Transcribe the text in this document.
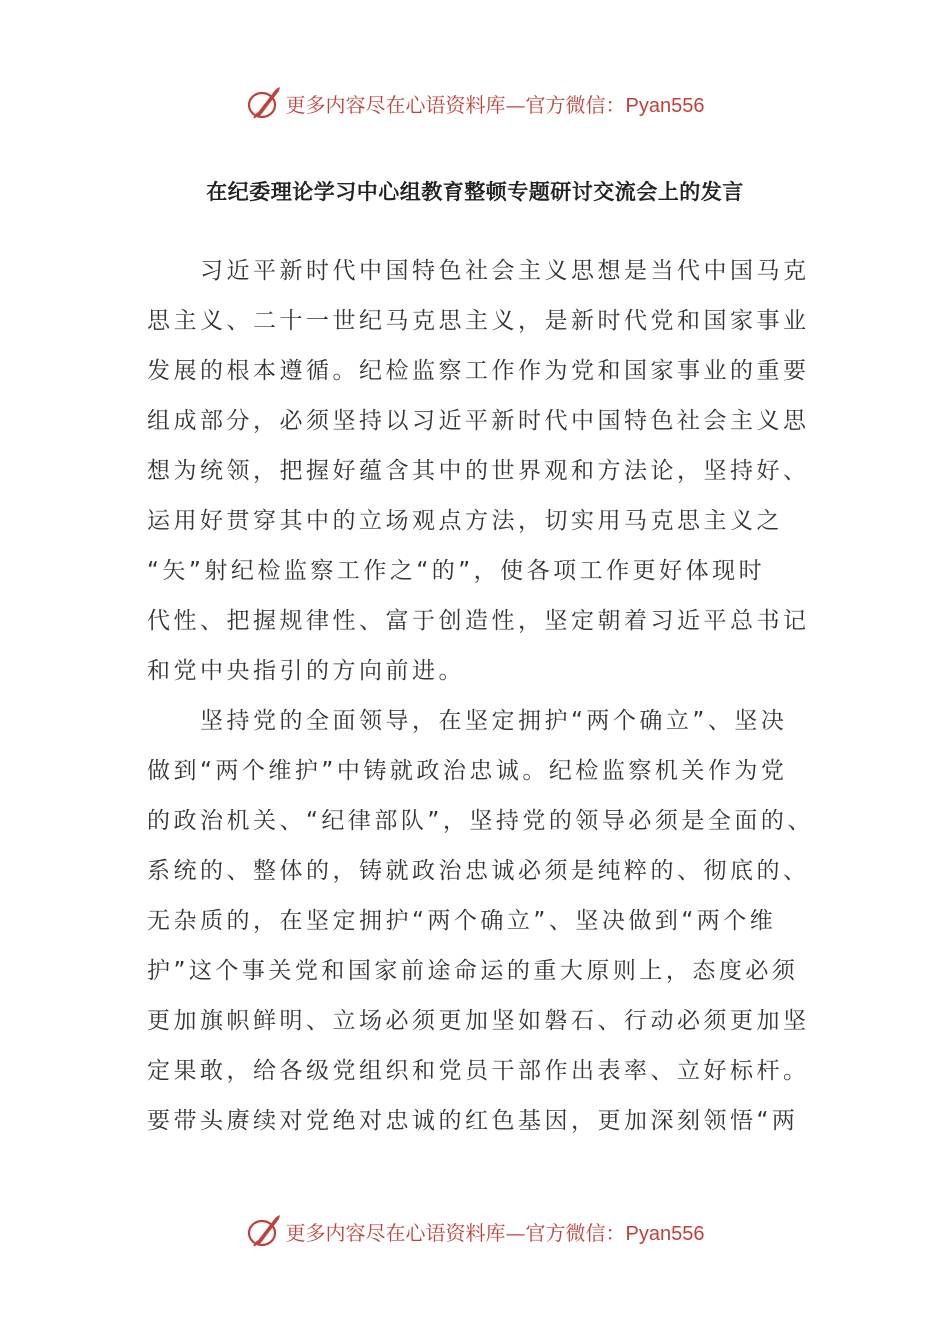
更多内容尽在心语资料库—官方微信：Pyan556
在纪委理论学习中心组教育整顿专题研讨交流会上的发言

　　习近平新时代中国特色社会主义思想是当代中国马克
思主义、二十一世纪马克思主义，是新时代党和国家事业
发展的根本遵循。纪检监察工作作为党和国家事业的重要
组成部分，必须坚持以习近平新时代中国特色社会主义思
想为统领，把握好蕴含其中的世界观和方法论，坚持好、
运用好贯穿其中的立场观点方法，切实用马克思主义之
“矢”射纪检监察工作之“的”，使各项工作更好体现时
代性、把握规律性、富于创造性，坚定朝着习近平总书记
和党中央指引的方向前进。

　　坚持党的全面领导，在坚定拥护“两个确立”、坚决
做到“两个维护”中铸就政治忠诚。纪检监察机关作为党
的政治机关、“纪律部队”，坚持党的领导必须是全面的、
系统的、整体的，铸就政治忠诚必须是纯粹的、彻底的、
无杂质的，在坚定拥护“两个确立”、坚决做到“两个维
护”这个事关党和国家前途命运的重大原则上，态度必须
更加旗帜鲜明、立场必须更加坚如磐石、行动必须更加坚
定果敢，给各级党组织和党员干部作出表率、立好标杆。
要带头赓续对党绝对忠诚的红色基因，更加深刻领悟“两

更多内容尽在心语资料库—官方微信：Pyan556
